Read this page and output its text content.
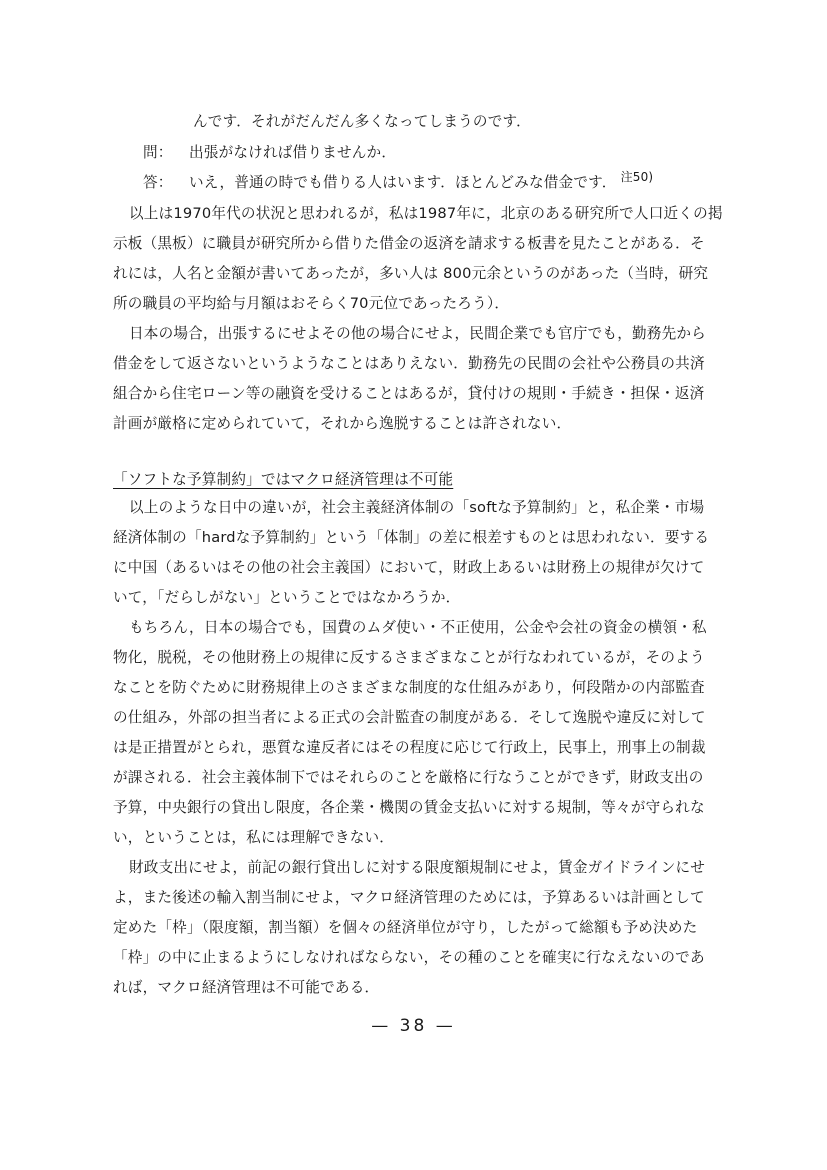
んです．それがだんだん多くなってしまうのです．
問： 出張がなければ借りませんか．
答： いえ，普通の時でも借りる人はいます．ほとんどみな借金です． $^{注50)}$
以上は1970年代の状況と思われるが，私は1987年に，北京のある研究所で人口近くの掲
示板（黒板）に職員が研究所から借りた借金の返済を請求する板書を見たことがある．そ
れには，人名と金額が書いてあったが，多い人は 800元余というのがあった（当時，研究
所の職員の平均給与月額はおそらく70元位であったろう）．
日本の場合，出張するにせよその他の場合にせよ，民間企業でも官庁でも，勤務先から
借金をして返さないというようなことはありえない．勤務先の民間の会社や公務員の共済
組合から住宅ローン等の融資を受けることはあるが，貸付けの規則・手続き・担保・返済
計画が厳格に定められていて，それから逸脱することは許されない．
「ソフトな予算制約」ではマクロ経済管理は不可能
以上のような日中の違いが，社会主義経済体制の「softな予算制約」と，私企業・市場
経済体制の「hardな予算制約」という「体制」の差に根差すものとは思われない．要する
に中国（あるいはその他の社会主義国）において，財政上あるいは財務上の規律が欠けて
いて，「だらしがない」ということではなかろうか．
もちろん，日本の場合でも，国費のムダ使い・不正使用，公金や会社の資金の横領・私
物化，脱税，その他財務上の規律に反するさまざまなことが行なわれているが，そのよう
なことを防ぐために財務規律上のさまざまな制度的な仕組みがあり，何段階かの内部監査
の仕組み，外部の担当者による正式の会計監査の制度がある．そして逸脱や違反に対して
は是正措置がとられ，悪質な違反者にはその程度に応じて行政上，民事上，刑事上の制裁
が課される．社会主義体制下ではそれらのことを厳格に行なうことができず，財政支出の
予算，中央銀行の貸出し限度，各企業・機関の賃金支払いに対する規制，等々が守られな
い，ということは，私には理解できない．
財政支出にせよ，前記の銀行貸出しに対する限度額規制にせよ，賃金ガイドラインにせ
よ，また後述の輸入割当制にせよ，マクロ経済管理のためには，予算あるいは計画として
定めた「枠」（限度額，割当額）を個々の経済単位が守り，したがって総額も予め決めた
「枠」の中に止まるようにしなければならない，その種のことを確実に行なえないのであ
れば，マクロ経済管理は不可能である．
— 38 —
